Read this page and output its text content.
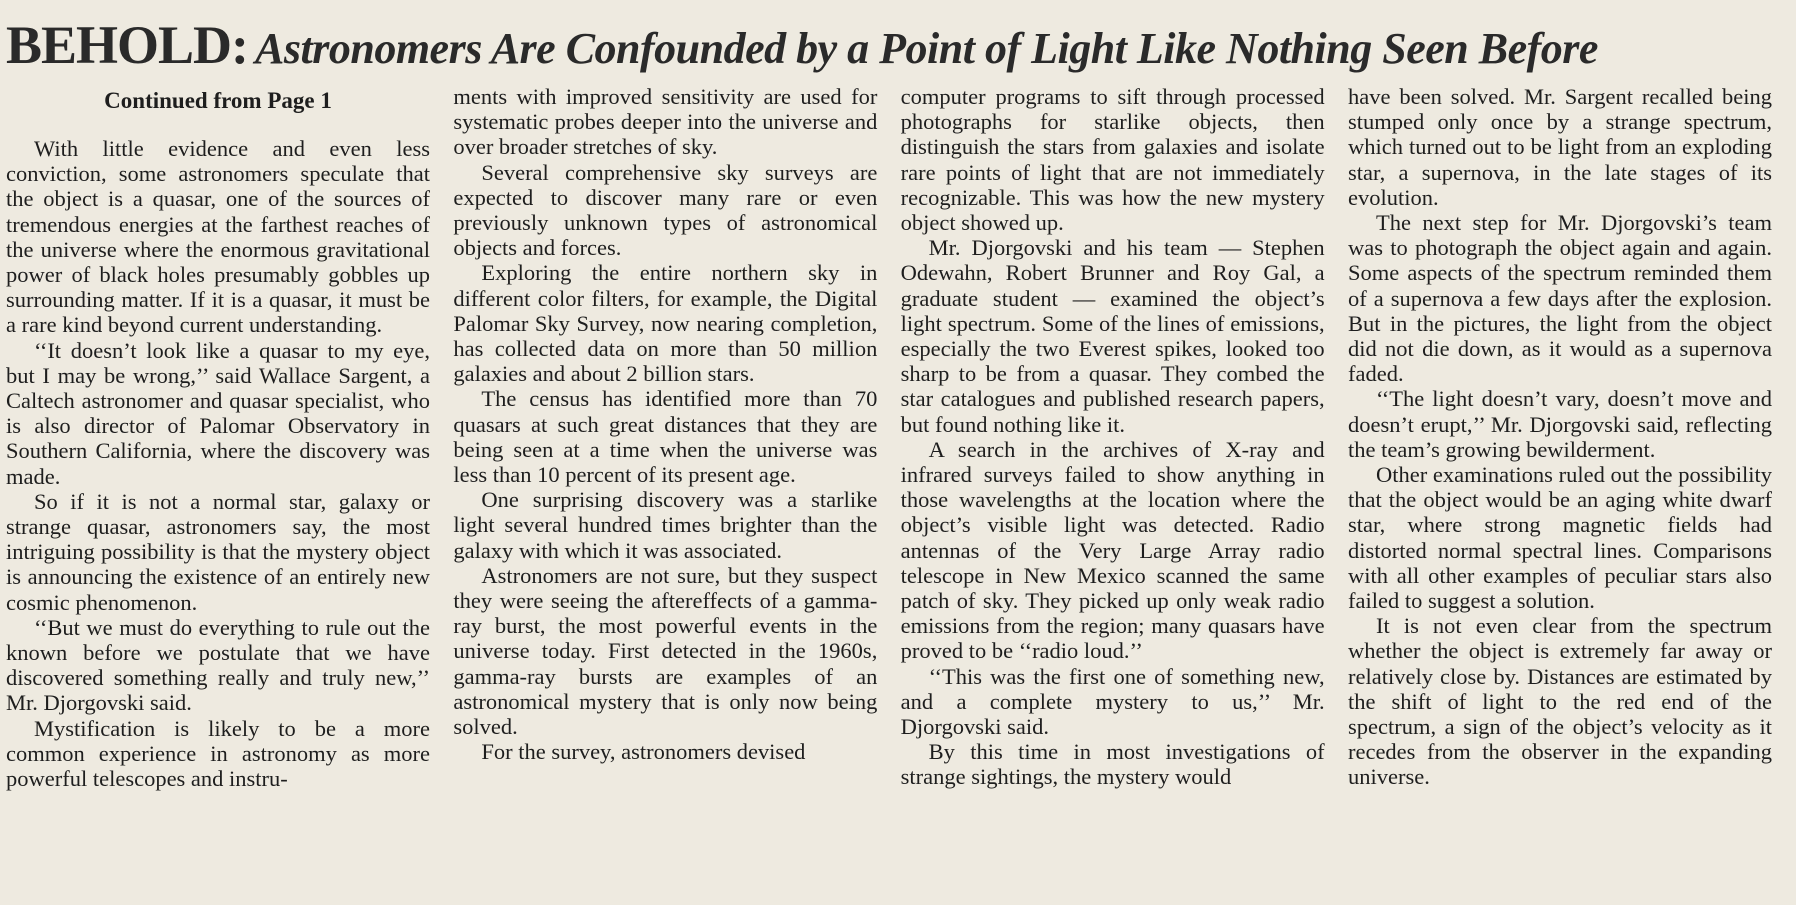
BEHOLD: Astronomers Are Confounded by a Point of Light Like Nothing Seen Before
Continued from Page 1

With little evidence and even less conviction, some astronomers speculate that the object is a quasar, one of the sources of tremendous energies at the farthest reaches of the universe where the enormous gravitational power of black holes presumably gobbles up surrounding matter. If it is a quasar, it must be a rare kind beyond current understanding.

‘‘It doesn’t look like a quasar to my eye, but I may be wrong,’’ said Wallace Sargent, a Caltech astronomer and quasar specialist, who is also director of Palomar Observatory in Southern California, where the discovery was made.

So if it is not a normal star, galaxy or strange quasar, astronomers say, the most intriguing possibility is that the mystery object is announcing the existence of an entirely new cosmic phenomenon.

‘‘But we must do everything to rule out the known before we postulate that we have discovered something really and truly new,’’ Mr. Djorgovski said.

Mystification is likely to be a more common experience in astronomy as more powerful telescopes and instru-

ments with improved sensitivity are used for systematic probes deeper into the universe and over broader stretches of sky.

Several comprehensive sky surveys are expected to discover many rare or even previously unknown types of astronomical objects and forces.

Exploring the entire northern sky in different color filters, for example, the Digital Palomar Sky Survey, now nearing completion, has collected data on more than 50 million galaxies and about 2 billion stars.

The census has identified more than 70 quasars at such great distances that they are being seen at a time when the universe was less than 10 percent of its present age.

One surprising discovery was a starlike light several hundred times brighter than the galaxy with which it was associated.

Astronomers are not sure, but they suspect they were seeing the aftereffects of a gamma-ray burst, the most powerful events in the universe today. First detected in the 1960s, gamma-ray bursts are examples of an astronomical mystery that is only now being solved.

For the survey, astronomers devised

computer programs to sift through processed photographs for starlike objects, then distinguish the stars from galaxies and isolate rare points of light that are not immediately recognizable. This was how the new mystery object showed up.

Mr. Djorgovski and his team — Stephen Odewahn, Robert Brunner and Roy Gal, a graduate student — examined the object’s light spectrum. Some of the lines of emissions, especially the two Everest spikes, looked too sharp to be from a quasar. They combed the star catalogues and published research papers, but found nothing like it.

A search in the archives of X-ray and infrared surveys failed to show anything in those wavelengths at the location where the object’s visible light was detected. Radio antennas of the Very Large Array radio telescope in New Mexico scanned the same patch of sky. They picked up only weak radio emissions from the region; many quasars have proved to be ‘‘radio loud.’’

‘‘This was the first one of something new, and a complete mystery to us,’’ Mr. Djorgovski said.

By this time in most investigations of strange sightings, the mystery would

have been solved. Mr. Sargent recalled being stumped only once by a strange spectrum, which turned out to be light from an exploding star, a supernova, in the late stages of its evolution.

The next step for Mr. Djorgovski’s team was to photograph the object again and again. Some aspects of the spectrum reminded them of a supernova a few days after the explosion. But in the pictures, the light from the object did not die down, as it would as a supernova faded.

‘‘The light doesn’t vary, doesn’t move and doesn’t erupt,’’ Mr. Djorgovski said, reflecting the team’s growing bewilderment.

Other examinations ruled out the possibility that the object would be an aging white dwarf star, where strong magnetic fields had distorted normal spectral lines. Comparisons with all other examples of peculiar stars also failed to suggest a solution.

It is not even clear from the spectrum whether the object is extremely far away or relatively close by. Distances are estimated by the shift of light to the red end of the spectrum, a sign of the object’s velocity as it recedes from the observer in the expanding universe.
